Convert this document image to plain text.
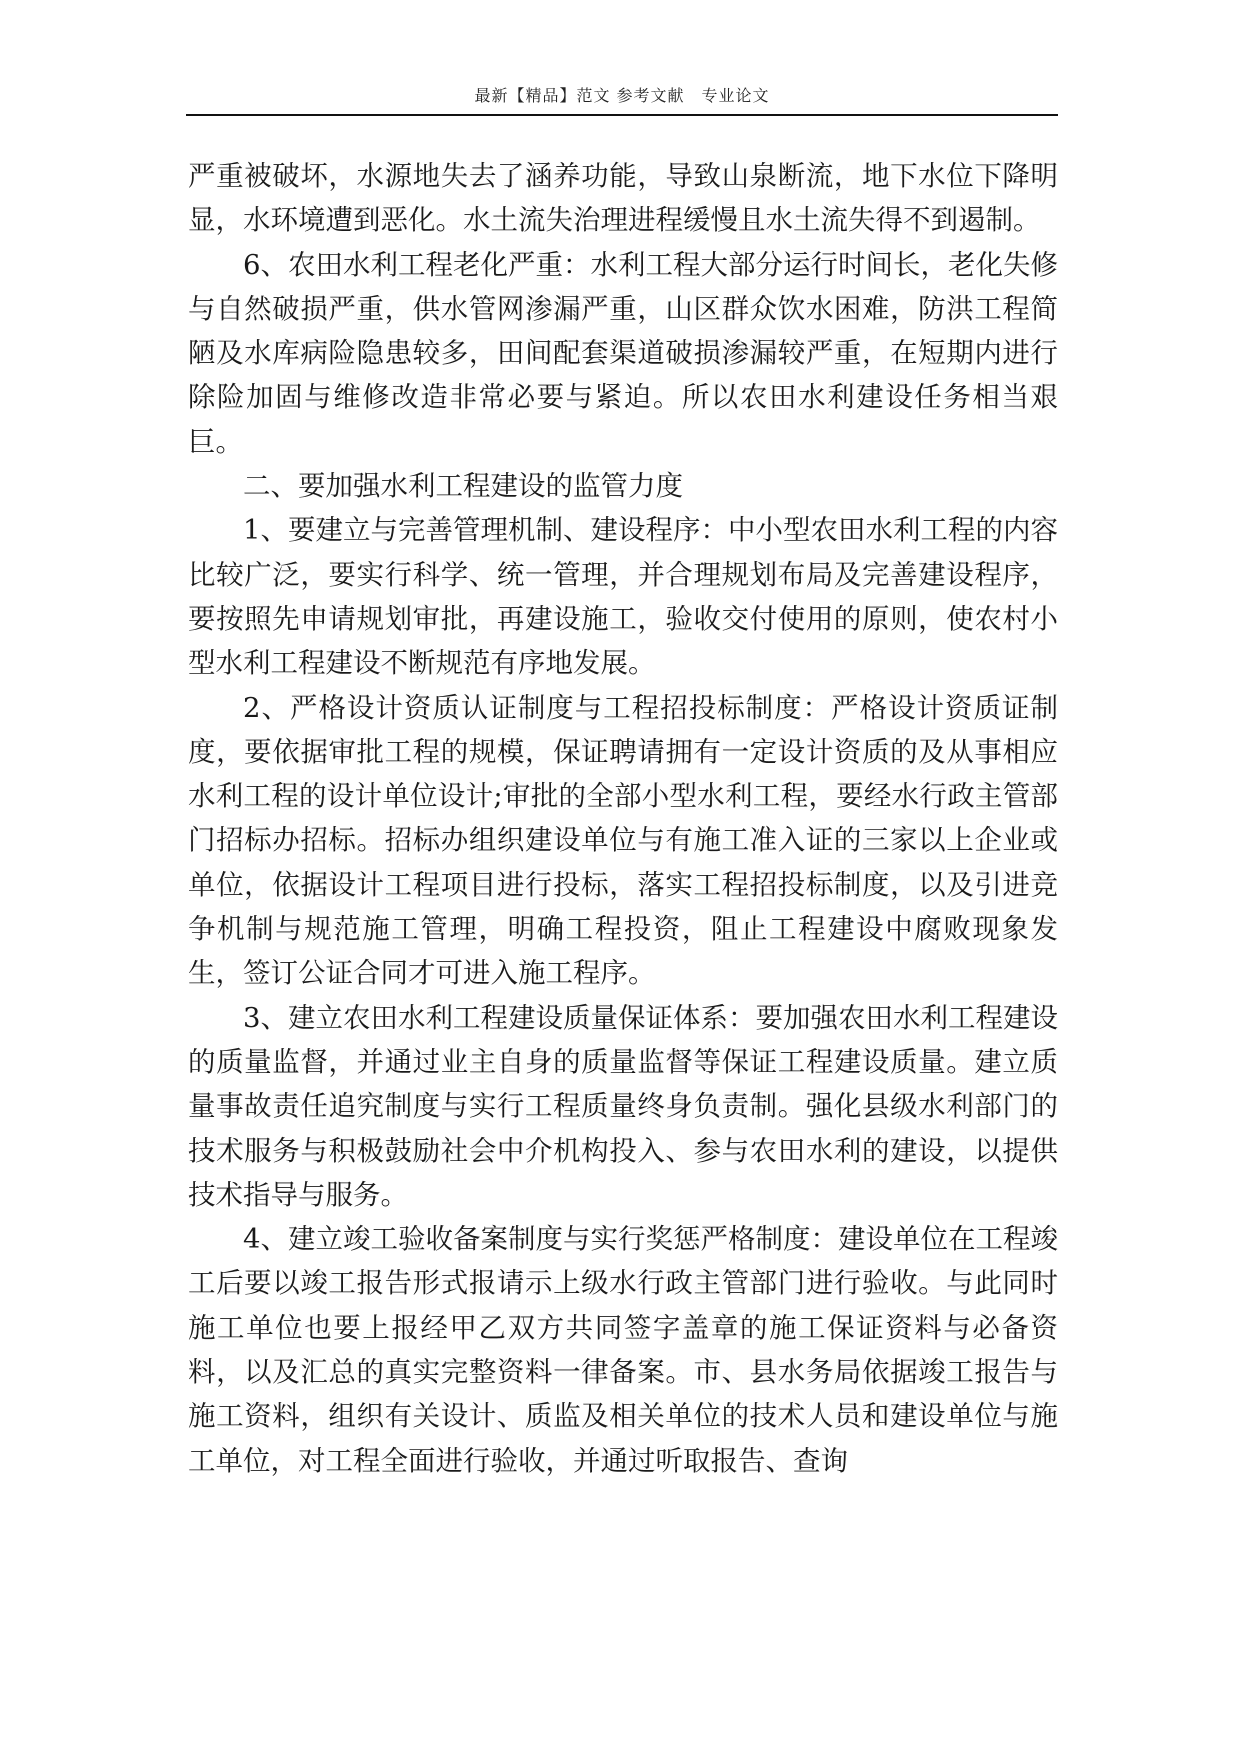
最新【精品】范文 参考文献　专业论文

严重被破坏，水源地失去了涵养功能，导致山泉断流，地下水位下降明显，水环境遭到恶化。水土流失治理进程缓慢且水土流失得不到遏制。

6、农田水利工程老化严重：水利工程大部分运行时间长，老化失修与自然破损严重，供水管网渗漏严重，山区群众饮水困难，防洪工程简陋及水库病险隐患较多，田间配套渠道破损渗漏较严重，在短期内进行除险加固与维修改造非常必要与紧迫。所以农田水利建设任务相当艰巨。

二、要加强水利工程建设的监管力度

1、要建立与完善管理机制、建设程序：中小型农田水利工程的内容比较广泛，要实行科学、统一管理，并合理规划布局及完善建设程序，要按照先申请规划审批，再建设施工，验收交付使用的原则，使农村小型水利工程建设不断规范有序地发展。

2、严格设计资质认证制度与工程招投标制度：严格设计资质证制度，要依据审批工程的规模，保证聘请拥有一定设计资质的及从事相应水利工程的设计单位设计;审批的全部小型水利工程，要经水行政主管部门招标办招标。招标办组织建设单位与有施工准入证的三家以上企业或单位，依据设计工程项目进行投标，落实工程招投标制度，以及引进竞争机制与规范施工管理，明确工程投资，阻止工程建设中腐败现象发生，签订公证合同才可进入施工程序。

3、建立农田水利工程建设质量保证体系：要加强农田水利工程建设的质量监督，并通过业主自身的质量监督等保证工程建设质量。建立质量事故责任追究制度与实行工程质量终身负责制。强化县级水利部门的技术服务与积极鼓励社会中介机构投入、参与农田水利的建设，以提供技术指导与服务。

4、建立竣工验收备案制度与实行奖惩严格制度：建设单位在工程竣工后要以竣工报告形式报请示上级水行政主管部门进行验收。与此同时施工单位也要上报经甲乙双方共同签字盖章的施工保证资料与必备资料，以及汇总的真实完整资料一律备案。市、县水务局依据竣工报告与施工资料，组织有关设计、质监及相关单位的技术人员和建设单位与施工单位，对工程全面进行验收，并通过听取报告、查询
